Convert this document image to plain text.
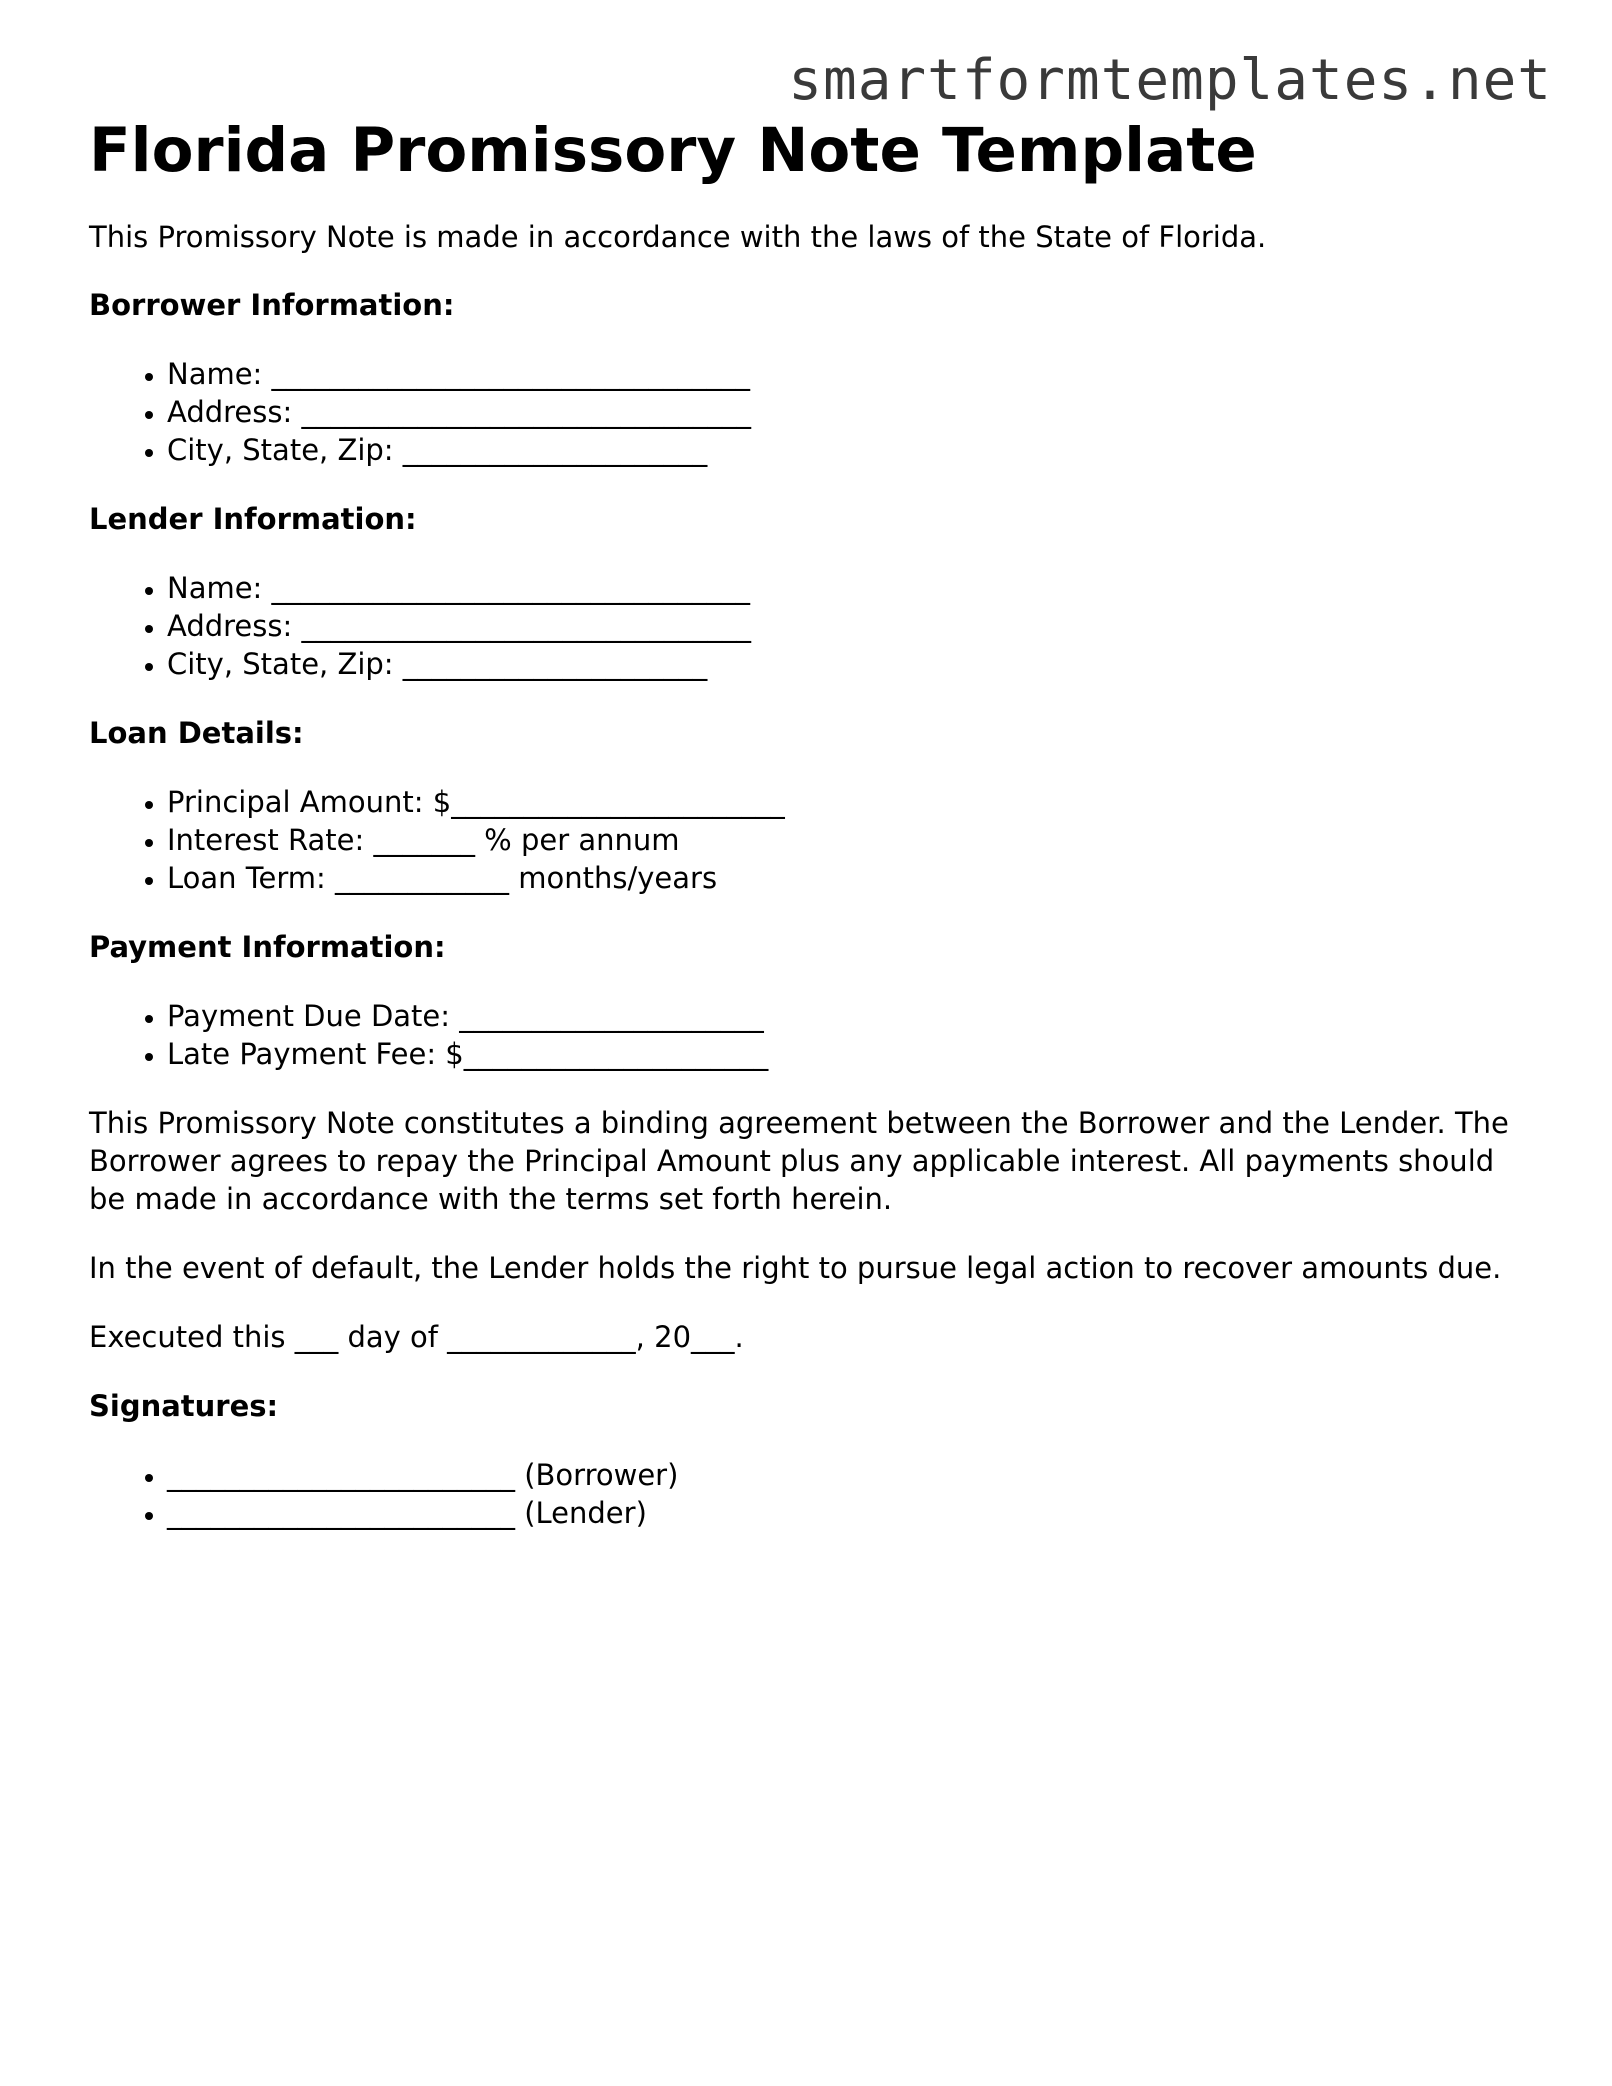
smartformtemplates.net
Florida Promissory Note Template

This Promissory Note is made in accordance with the laws of the State of Florida.

Borrower Information:
• Name: _________________________________
• Address: _______________________________
• City, State, Zip: _____________________
Lender Information:
• Name: _________________________________
• Address: _______________________________
• City, State, Zip: _____________________
Loan Details:
• Principal Amount: $_______________________
• Interest Rate: _______ % per annum
• Loan Term: ____________ months/years
Payment Information:
• Payment Due Date: _____________________
• Late Payment Fee: $_____________________

This Promissory Note constitutes a binding agreement between the Borrower and the Lender. The Borrower agrees to repay the Principal Amount plus any applicable interest. All payments should be made in accordance with the terms set forth herein.

In the event of default, the Lender holds the right to pursue legal action to recover amounts due.

Executed this ___ day of _____________, 20___.

Signatures:
• ________________________ (Borrower)
• ________________________ (Lender)
